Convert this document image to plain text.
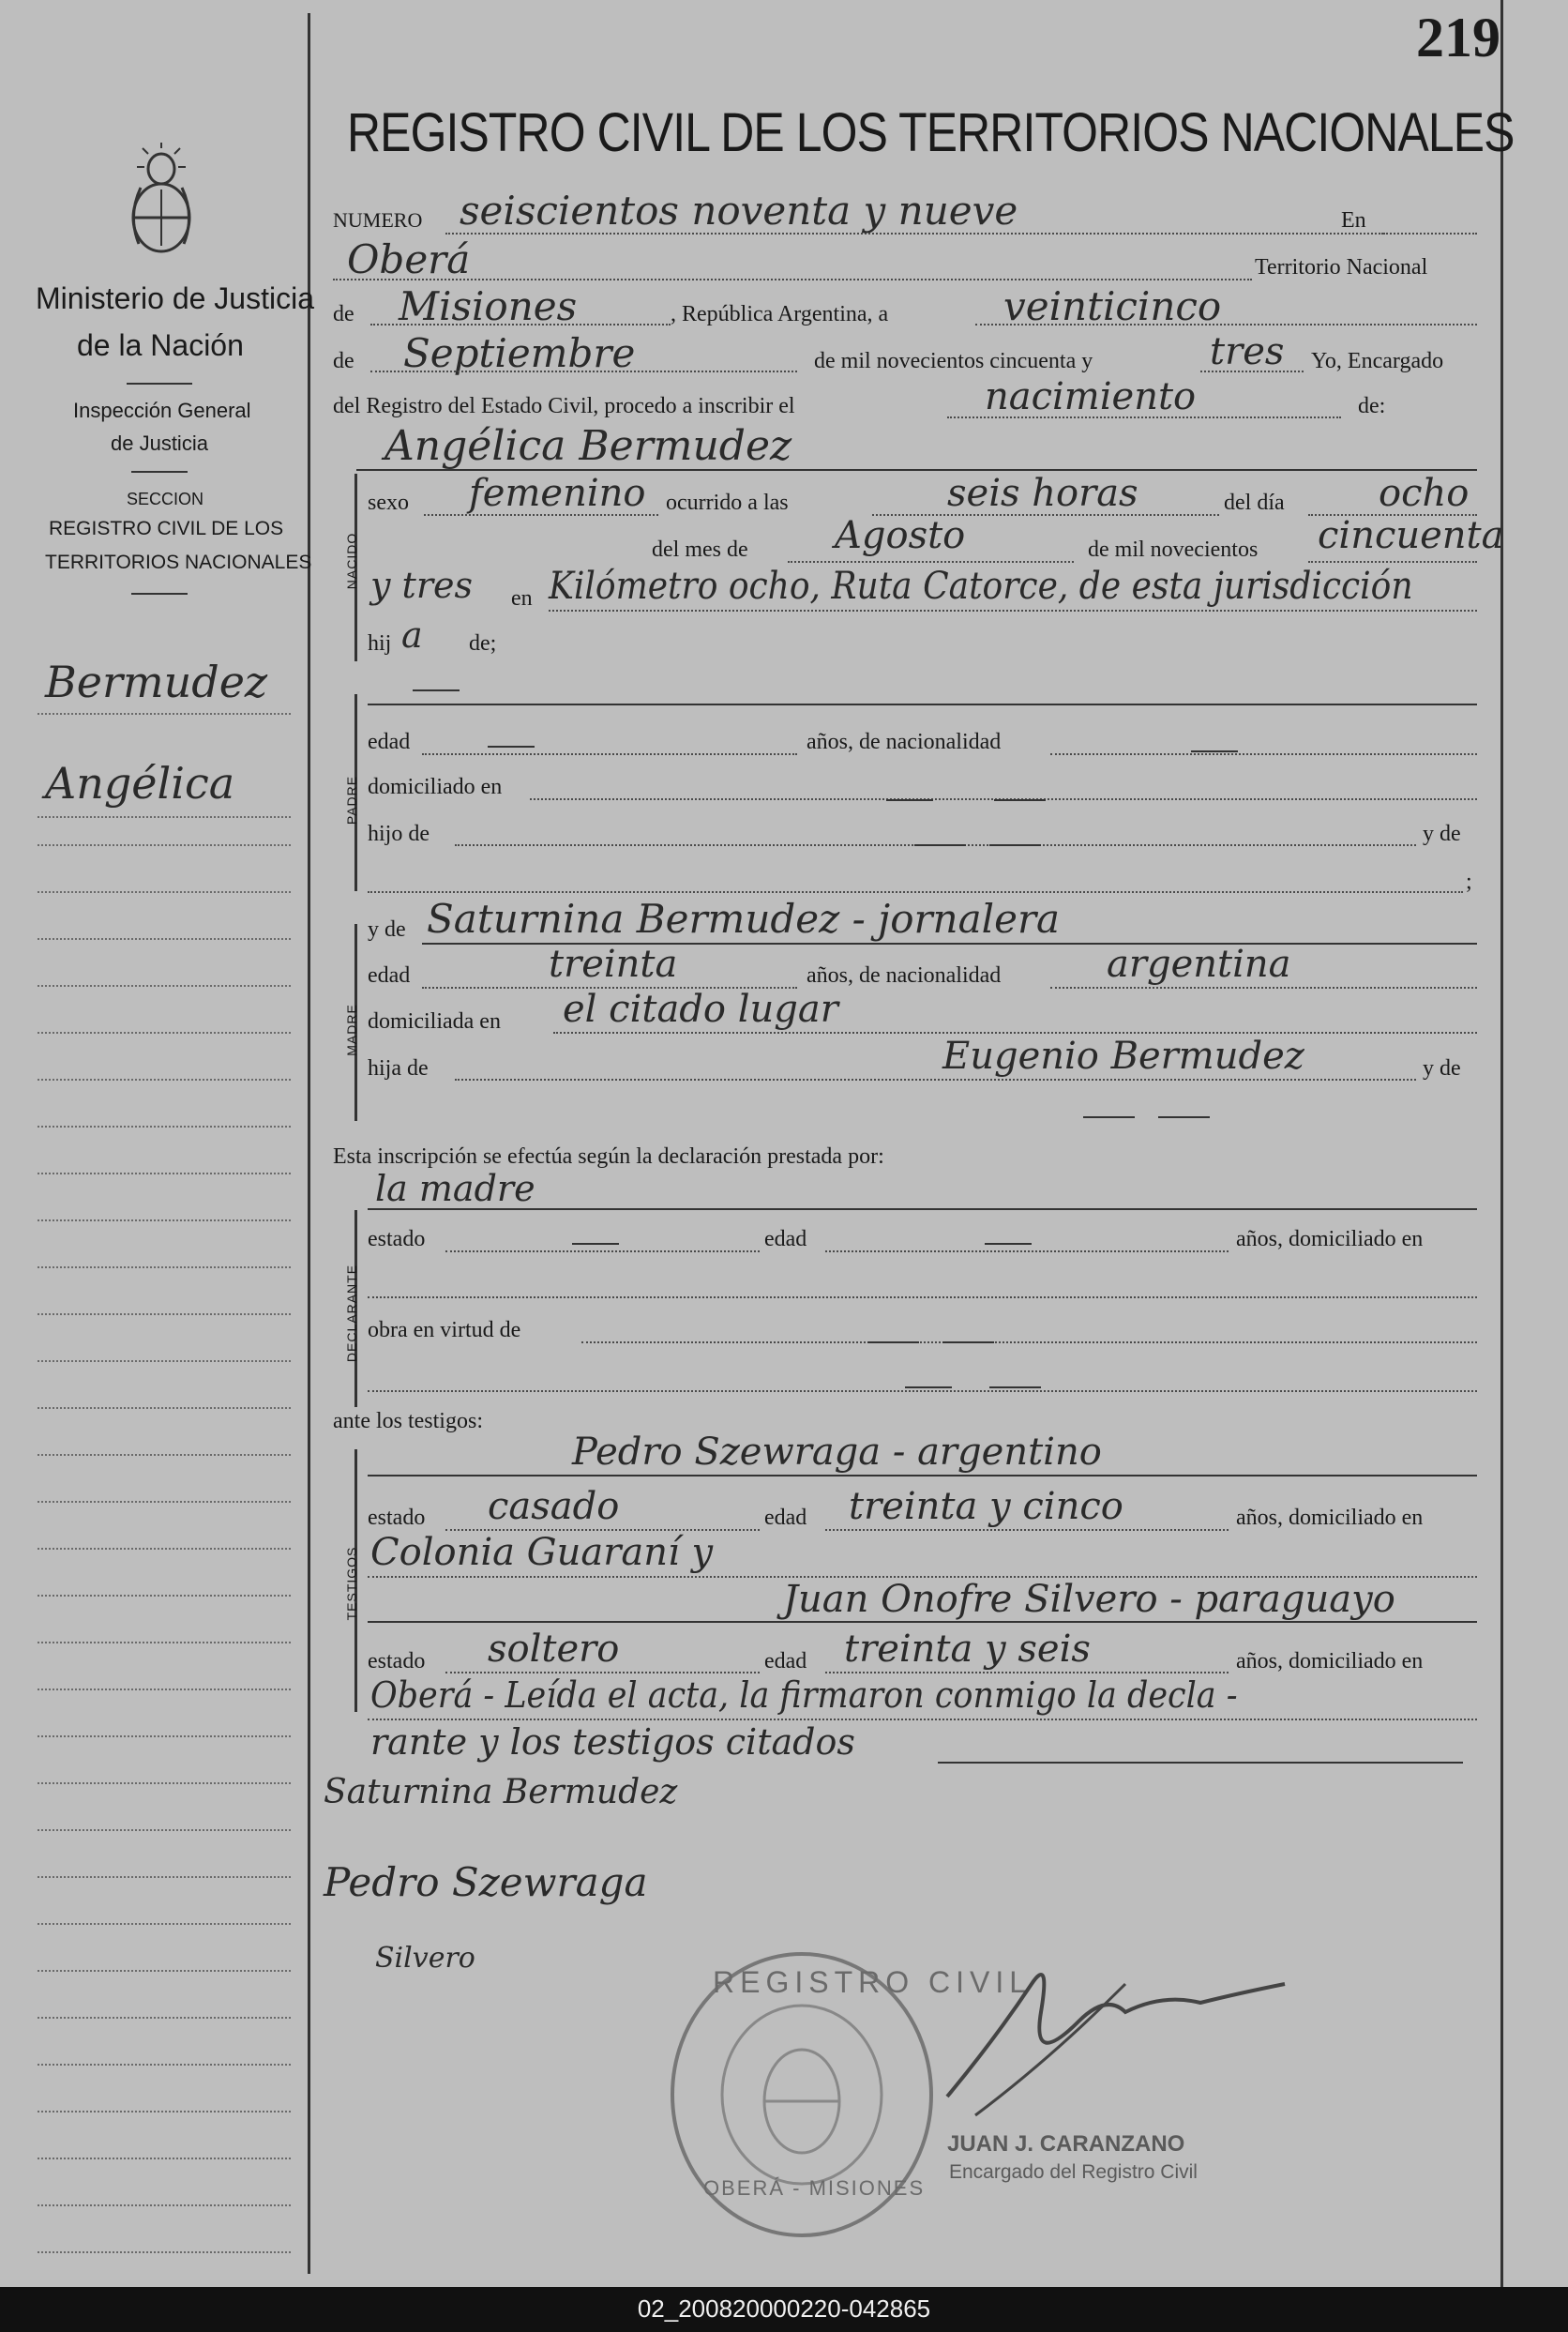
219
Ministerio de Justicia
de la Nación
Inspección General
de Justicia
SECCION
REGISTRO CIVIL DE LOS
TERRITORIOS NACIONALES
Bermudez
Angélica
REGISTRO CIVIL DE LOS TERRITORIOS NACIONALES
NUMERO seiscientos noventa y nueve	En
Oberá	Territorio Nacional
de Misiones	, República Argentina, a	veinticinco
de Septiembre	de mil novecientos cincuenta y	tres Yo, Encargado
del Registro del Estado Civil, procedo a inscribir el	nacimiento	de:
Angélica Bermudez
NACIDO
sexo femenino ocurrido a las	seis horas	del día	ocho
del mes de Agosto	de mil novecientos cincuenta
y tres en Kilómetro ocho, Ruta Catorce, de esta jurisdicción
hij a de;
PADRE
edad	años, de nacionalidad
domiciliado en
hijo de	y de
;
MADRE
y de Saturnina Bermudez - jornalera
edad	treinta	años, de nacionalidad	argentina
domiciliada en el citado lugar
hija de	Eugenio Bermudez	y de
Esta inscripción se efectúa según la declaración prestada por:
la madre
DECLARANTE
estado	edad	años, domiciliado en
obra en virtud de
ante los testigos:
TESTIGOS
Pedro Szewraga - argentino
estado casado	edad treinta y cinco	años, domiciliado en
Colonia Guaraní y
Juan Onofre Silvero - paraguayo
estado soltero	edad treinta y seis	años, domiciliado en
Oberá - Leída el acta, la firmaron conmigo la decla -
rante y los testigos citados
Saturnina Bermudez
Pedro Szewraga
Silvero
REGISTRO CIVIL
OBERÁ - MISIONES
JUAN J. CARANZANO
Encargado del Registro Civil
02_200820000220-042865
